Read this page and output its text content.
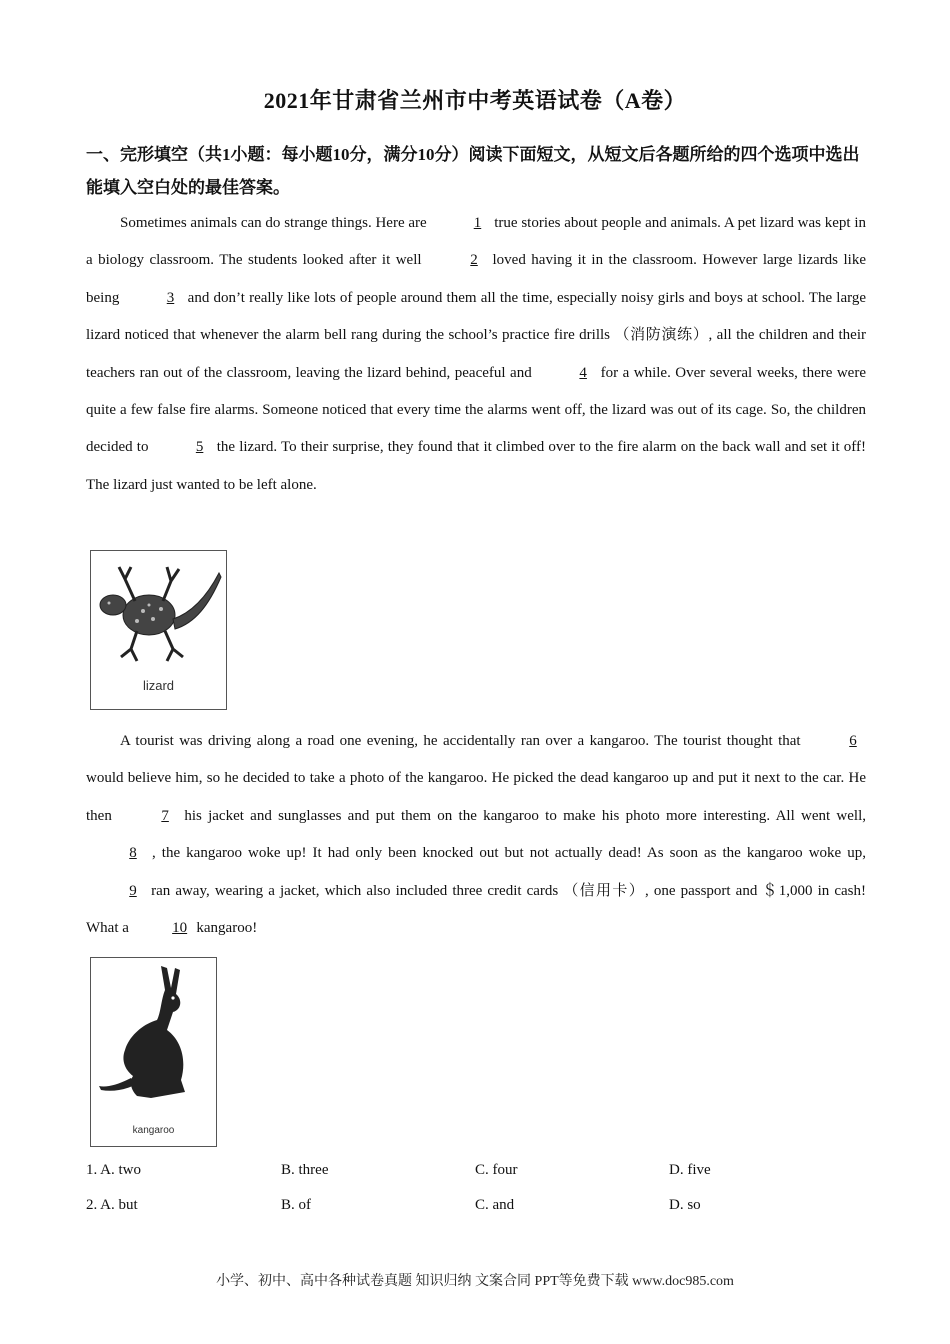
2021年甘肃省兰州市中考英语试卷（A卷）
一、完形填空（共1小题：每小题10分，满分10分）阅读下面短文，从短文后各题所给的四个选项中选出能填入空白处的最佳答案。

Sometimes animals can do strange things. Here are	1 true stories about people and animals. A pet lizard was kept in a biology classroom. The students looked after it well	2 loved having it in the classroom. However large lizards like being	3 and don’t really like lots of people around them all the time, especially noisy girls and boys at school. The large lizard noticed that whenever the alarm bell rang during the school’s practice fire drills （消防演练）, all the children and their teachers ran out of the classroom, leaving the lizard behind, peaceful and	4 for a while. Over several weeks, there were quite a few false fire alarms. Someone noticed that every time the alarms went off, the lizard was out of its cage. So, the children decided to	5 the lizard. To their surprise, they found that it climbed over to the fire alarm on the back wall and set it off! The lizard just wanted to be left alone.

lizard

A tourist was driving along a road one evening, he accidentally ran over a kangaroo. The tourist thought that	6 would believe him, so he decided to take a photo of the kangaroo. He picked the dead kangaroo up and put it next to the car. He then	7 his jacket and sunglasses and put them on the kangaroo to make his photo more interesting. All went well, 8 , the kangaroo woke up! It had only been knocked out but not actually dead! As soon as the kangaroo woke up, 9 ran away, wearing a jacket, which also included three credit cards （信用卡）, one passport and ＄1,000 in cash! What a	10 kangaroo!

kangaroo
1. A. two	B. three	C. four	D. five
2. A. but	B. of	C. and	D. so
小学、初中、高中各种试卷真题 知识归纳 文案合同 PPT等免费下载 www.doc985.com
